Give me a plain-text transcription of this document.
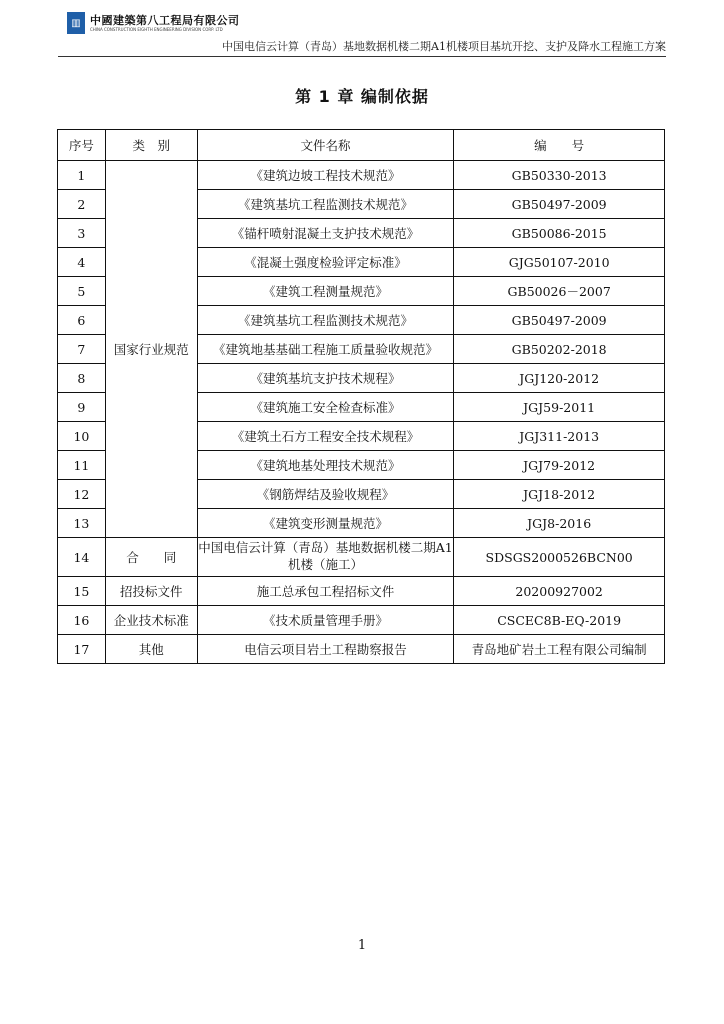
▥ 中國建築第八工程局有限公司
CHINA CONSTRUCTION EIGHTH ENGINEERING DIVISION CORP. LTD
中国电信云计算（青岛）基地数据机楼二期A1机楼项目基坑开挖、支护及降水工程施工方案
第 1 章 编制依据
序号	类　别	文件名称	编　　号
1	国家行业规范	《建筑边坡工程技术规范》	GB50330-2013
2		《建筑基坑工程监测技术规范》	GB50497-2009
3		《锚杆喷射混凝土支护技术规范》	GB50086-2015
4		《混凝土强度检验评定标准》	GJG50107-2010
5		《建筑工程测量规范》	GB50026－2007
6		《建筑基坑工程监测技术规范》	GB50497-2009
7		《建筑地基基础工程施工质量验收规范》	GB50202-2018
8		《建筑基坑支护技术规程》	JGJ120-2012
9		《建筑施工安全检查标准》	JGJ59-2011
10		《建筑土石方工程安全技术规程》	JGJ311-2013
11		《建筑地基处理技术规范》	JGJ79-2012
12		《钢筋焊结及验收规程》	JGJ18-2012
13		《建筑变形测量规范》	JGJ8-2016
14	合　　同	中国电信云计算（青岛）基地数据机楼二期A1机楼（施工）	SDSGS2000526BCN00
15	招投标文件	施工总承包工程招标文件	20200927002
16	企业技术标准	《技术质量管理手册》	CSCEC8B-EQ-2019
17	其他	电信云项目岩土工程勘察报告	青岛地矿岩土工程有限公司编制
1
